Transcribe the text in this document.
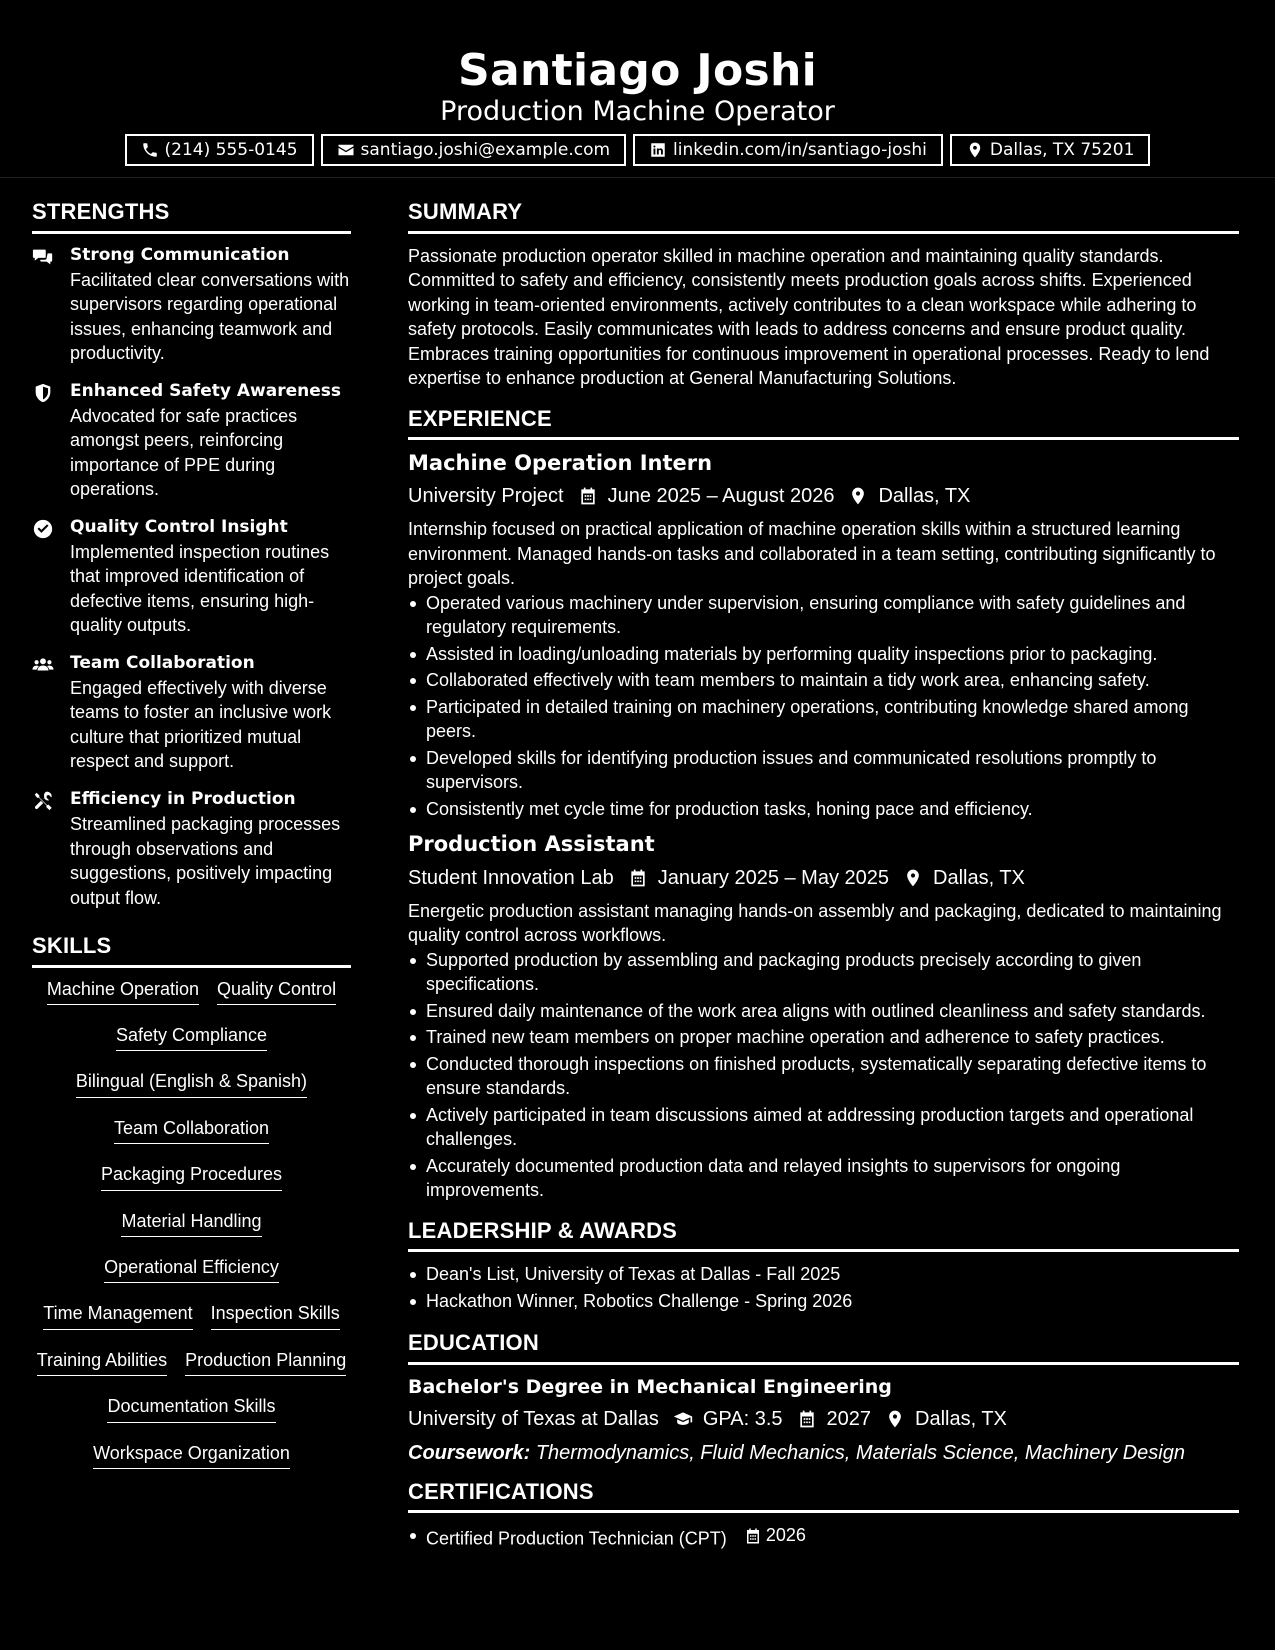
Santiago Joshi
Production Machine Operator
(214) 555-0145	santiago.joshi@example.com	linkedin.com/in/santiago-joshi	Dallas, TX 75201
STRENGTHS
Strong Communication
Facilitated clear conversations with supervisors regarding operational issues, enhancing teamwork and productivity.
Enhanced Safety Awareness
Advocated for safe practices amongst peers, reinforcing importance of PPE during operations.
Quality Control Insight
Implemented inspection routines that improved identification of defective items, ensuring high-quality outputs.
Team Collaboration
Engaged effectively with diverse teams to foster an inclusive work culture that prioritized mutual respect and support.
Efficiency in Production
Streamlined packaging processes through observations and suggestions, positively impacting output flow.
SKILLS
Machine Operation Quality Control
Safety Compliance
Bilingual (English & Spanish)
Team Collaboration
Packaging Procedures
Material Handling
Operational Efficiency
Time Management Inspection Skills
Training Abilities Production Planning
Documentation Skills
Workspace Organization
SUMMARY
Passionate production operator skilled in machine operation and maintaining quality standards. Committed to safety and efficiency, consistently meets production goals across shifts. Experienced working in team-oriented environments, actively contributes to a clean workspace while adhering to safety protocols. Easily communicates with leads to address concerns and ensure product quality. Embraces training opportunities for continuous improvement in operational processes. Ready to lend expertise to enhance production at General Manufacturing Solutions.
EXPERIENCE
Machine Operation Intern
University Project June 2025 – August 2026 Dallas, TX
Internship focused on practical application of machine operation skills within a structured learning environment. Managed hands-on tasks and collaborated in a team setting, contributing significantly to project goals.
Operated various machinery under supervision, ensuring compliance with safety guidelines and regulatory requirements.
Assisted in loading/unloading materials by performing quality inspections prior to packaging.
Collaborated effectively with team members to maintain a tidy work area, enhancing safety.
Participated in detailed training on machinery operations, contributing knowledge shared among peers.
Developed skills for identifying production issues and communicated resolutions promptly to supervisors.
Consistently met cycle time for production tasks, honing pace and efficiency.
Production Assistant
Student Innovation Lab January 2025 – May 2025 Dallas, TX
Energetic production assistant managing hands-on assembly and packaging, dedicated to maintaining quality control across workflows.
Supported production by assembling and packaging products precisely according to given specifications.
Ensured daily maintenance of the work area aligns with outlined cleanliness and safety standards.
Trained new team members on proper machine operation and adherence to safety practices.
Conducted thorough inspections on finished products, systematically separating defective items to ensure standards.
Actively participated in team discussions aimed at addressing production targets and operational challenges.
Accurately documented production data and relayed insights to supervisors for ongoing improvements.
LEADERSHIP & AWARDS
Dean's List, University of Texas at Dallas - Fall 2025
Hackathon Winner, Robotics Challenge - Spring 2026
EDUCATION
Bachelor's Degree in Mechanical Engineering
University of Texas at Dallas GPA: 3.5 2027 Dallas, TX
Coursework: Thermodynamics, Fluid Mechanics, Materials Science, Machinery Design
CERTIFICATIONS
Certified Production Technician (CPT) 2026
